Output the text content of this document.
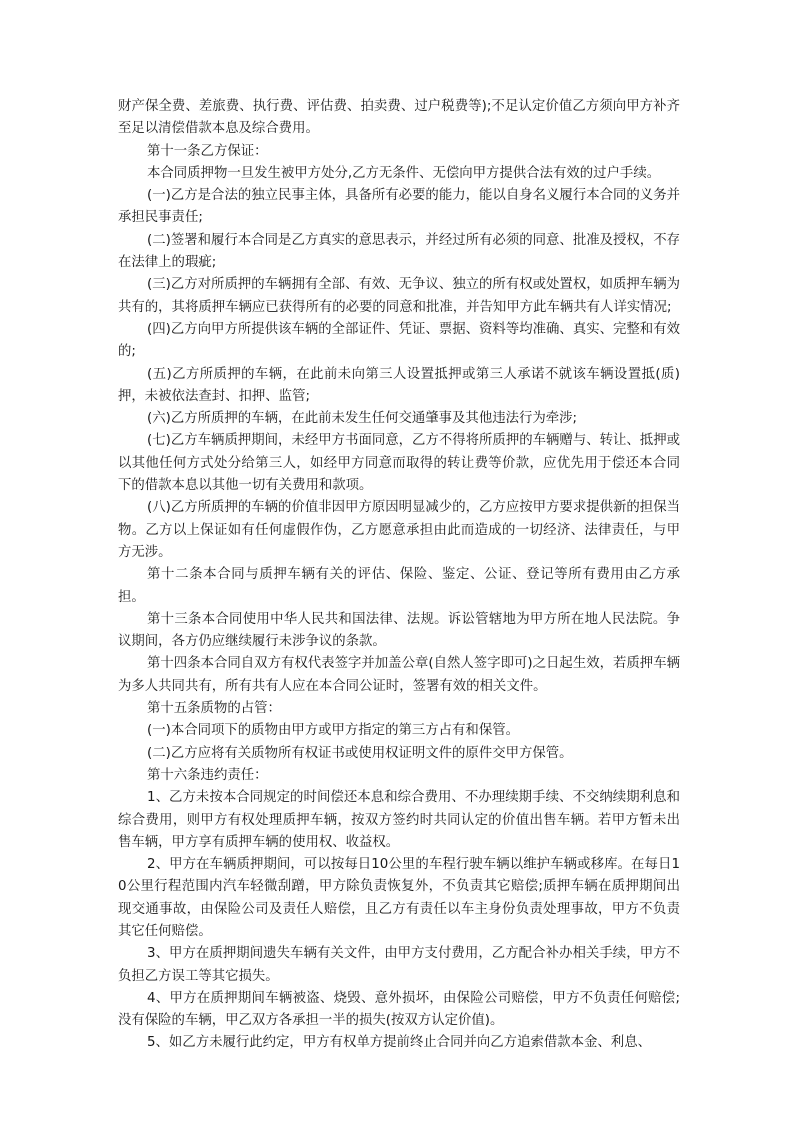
财产保全费、差旅费、执行费、评估费、拍卖费、过户税费等);不足认定价值乙方须向甲方补齐至足以清偿借款本息及综合费用。

第十一条乙方保证：

本合同质押物一旦发生被甲方处分,乙方无条件、无偿向甲方提供合法有效的过户手续。

(一)乙方是合法的独立民事主体，具备所有必要的能力，能以自身名义履行本合同的义务并承担民事责任;

(二)签署和履行本合同是乙方真实的意思表示，并经过所有必须的同意、批准及授权，不存在法律上的瑕疵;

(三)乙方对所质押的车辆拥有全部、有效、无争议、独立的所有权或处置权，如质押车辆为共有的，其将质押车辆应已获得所有的必要的同意和批准，并告知甲方此车辆共有人详实情况;

(四)乙方向甲方所提供该车辆的全部证件、凭证、票据、资料等均准确、真实、完整和有效的;

(五)乙方所质押的车辆，在此前未向第三人设置抵押或第三人承诺不就该车辆设置抵(质)押，未被依法查封、扣押、监管;

(六)乙方所质押的车辆，在此前未发生任何交通肇事及其他违法行为牵涉;

(七)乙方车辆质押期间，未经甲方书面同意，乙方不得将所质押的车辆赠与、转让、抵押或以其他任何方式处分给第三人，如经甲方同意而取得的转让费等价款，应优先用于偿还本合同下的借款本息以其他一切有关费用和款项。

(八)乙方所质押的车辆的价值非因甲方原因明显减少的，乙方应按甲方要求提供新的担保当物。乙方以上保证如有任何虚假作伪，乙方愿意承担由此而造成的一切经济、法律责任，与甲方无涉。

第十二条本合同与质押车辆有关的评估、保险、鉴定、公证、登记等所有费用由乙方承担。

第十三条本合同使用中华人民共和国法律、法规。诉讼管辖地为甲方所在地人民法院。争议期间，各方仍应继续履行未涉争议的条款。

第十四条本合同自双方有权代表签字并加盖公章(自然人签字即可)之日起生效，若质押车辆为多人共同共有，所有共有人应在本合同公证时，签署有效的相关文件。

第十五条质物的占管：

(一)本合同项下的质物由甲方或甲方指定的第三方占有和保管。

(二)乙方应将有关质物所有权证书或使用权证明文件的原件交甲方保管。

第十六条违约责任：

1、乙方未按本合同规定的时间偿还本息和综合费用、不办理续期手续、不交纳续期利息和综合费用，则甲方有权处理质押车辆，按双方签约时共同认定的价值出售车辆。若甲方暂未出售车辆，甲方享有质押车辆的使用权、收益权。

2、甲方在车辆质押期间，可以按每日10公里的车程行驶车辆以维护车辆或移库。在每日10公里行程范围内汽车轻微刮蹭，甲方除负责恢复外，不负责其它赔偿;质押车辆在质押期间出现交通事故，由保险公司及责任人赔偿，且乙方有责任以车主身份负责处理事故，甲方不负责其它任何赔偿。

3、甲方在质押期间遗失车辆有关文件，由甲方支付费用，乙方配合补办相关手续，甲方不负担乙方误工等其它损失。

4、甲方在质押期间车辆被盗、烧毁、意外损坏，由保险公司赔偿，甲方不负责任何赔偿;没有保险的车辆，甲乙双方各承担一半的损失(按双方认定价值)。

5、如乙方未履行此约定，甲方有权单方提前终止合同并向乙方追索借款本金、利息、
